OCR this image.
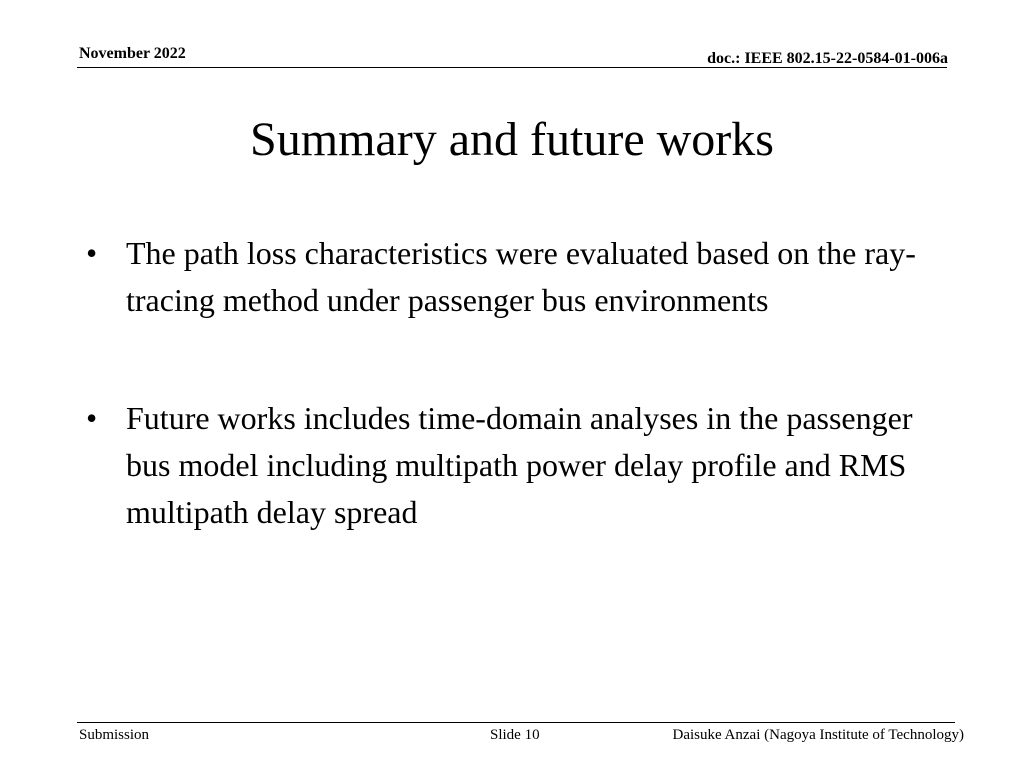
November 2022	doc.: IEEE 802.15-22-0584-01-006a
Summary and future works
• The path loss characteristics were evaluated based on the ray-tracing method under passenger bus environments
• Future works includes time-domain analyses in the passenger bus model including multipath power delay profile and RMS multipath delay spread
Submission	Slide 10	Daisuke Anzai (Nagoya Institute of Technology)
